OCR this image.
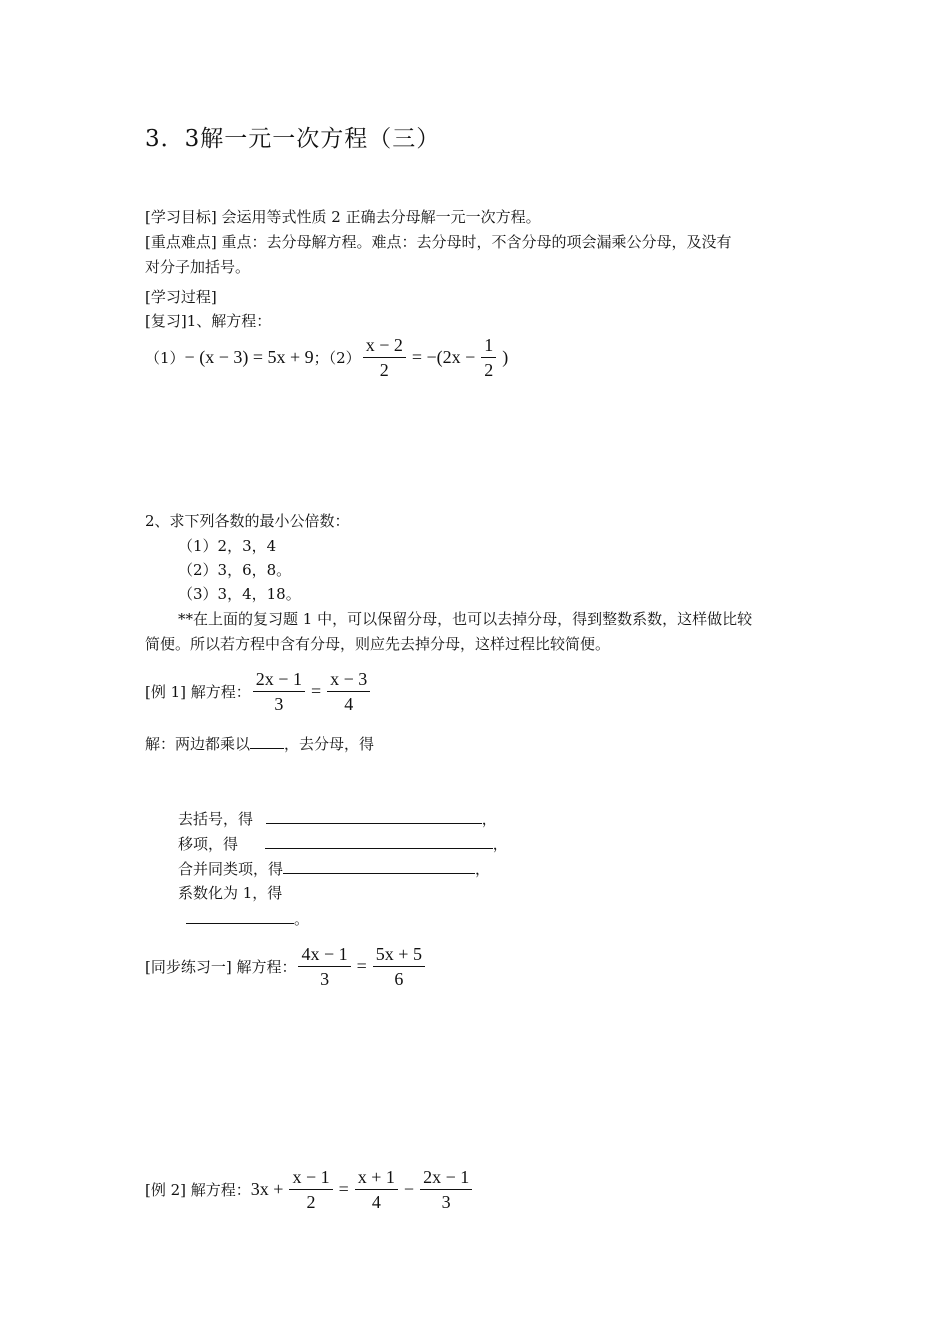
3．3解一元一次方程（三）
[学习目标] 会运用等式性质 2 正确去分母解一元一次方程。
[重点难点] 重点：去分母解方程。难点：去分母时，不含分母的项会漏乘公分母，及没有
对分子加括号。
[学习过程]
[复习]1、解方程：
（1） − (x − 3) = 5x + 9 ；$(2) \frac{x - 2}{2} = -(2x - \frac{1}{2}$ )
2、求下列各数的最小公倍数：
（1）2，3，4
（2）3，6，8。
（3）3，4，18。
**在上面的复习题 1 中，可以保留分母，也可以去掉分母，得到整数系数，这样做比较
简便。所以若方程中含有分母，则应先去掉分母，这样过程比较简便。
[例 1] 解方程： $\frac{2x - 1}{3} = \frac{x - 3}{4}$
解：两边都乘以 ，去分母，得
去括号，得	，
移项，得	，
合并同类项，得	，
系数化为 1，得
。
[同步练习一] 解方程： $\frac{4x - 1}{3} = \frac{5x + 5}{6}$
[例 2] 解方程： $3x + \frac{x - 1}{2} = \frac{x + 1}{4} - \frac{2x - 1}{3}$
